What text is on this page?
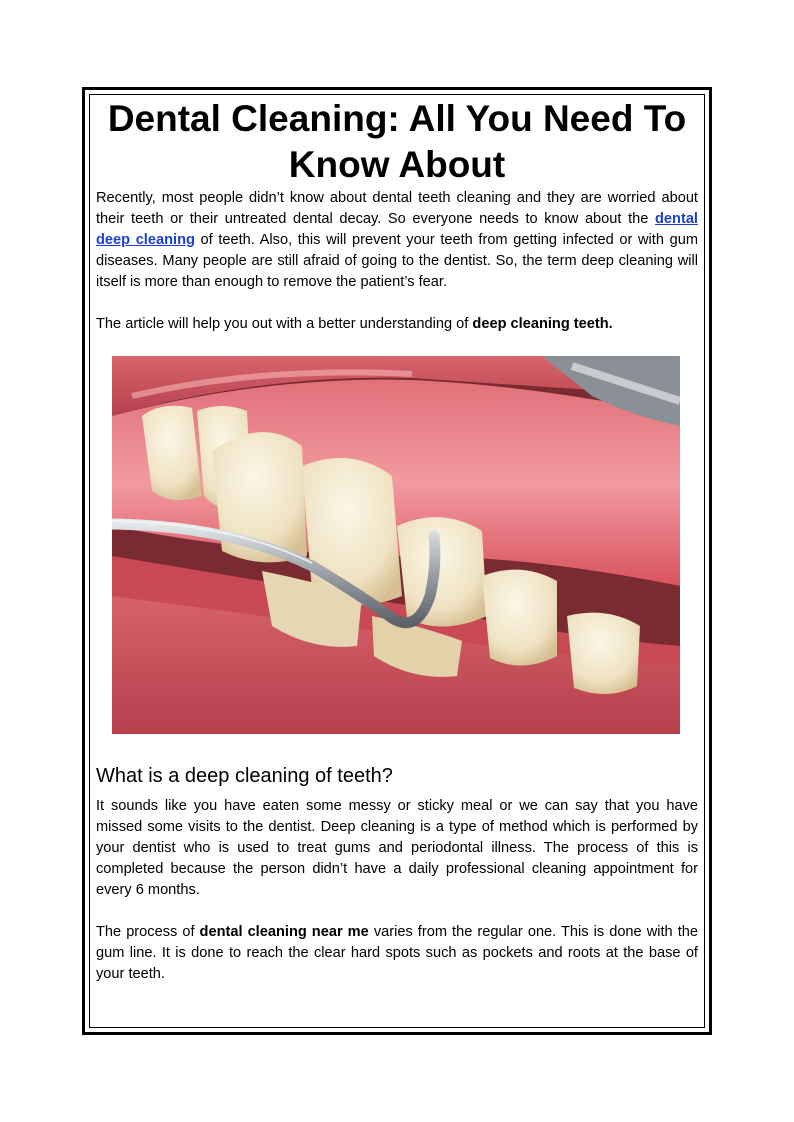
Dental Cleaning: All You Need To Know About

Recently, most people didn’t know about dental teeth cleaning and they are worried about their teeth or their untreated dental decay. So everyone needs to know about the dental deep cleaning of teeth. Also, this will prevent your teeth from getting infected or with gum diseases. Many people are still afraid of going to the dentist. So, the term deep cleaning will itself is more than enough to remove the patient’s fear.

The article will help you out with a better understanding of deep cleaning teeth.

What is a deep cleaning of teeth?

It sounds like you have eaten some messy or sticky meal or we can say that you have missed some visits to the dentist. Deep cleaning is a type of method which is performed by your dentist who is used to treat gums and periodontal illness. The process of this is completed because the person didn’t have a daily professional cleaning appointment for every 6 months.

The process of dental cleaning near me varies from the regular one. This is done with the gum line. It is done to reach the clear hard spots such as pockets and roots at the base of your teeth.
